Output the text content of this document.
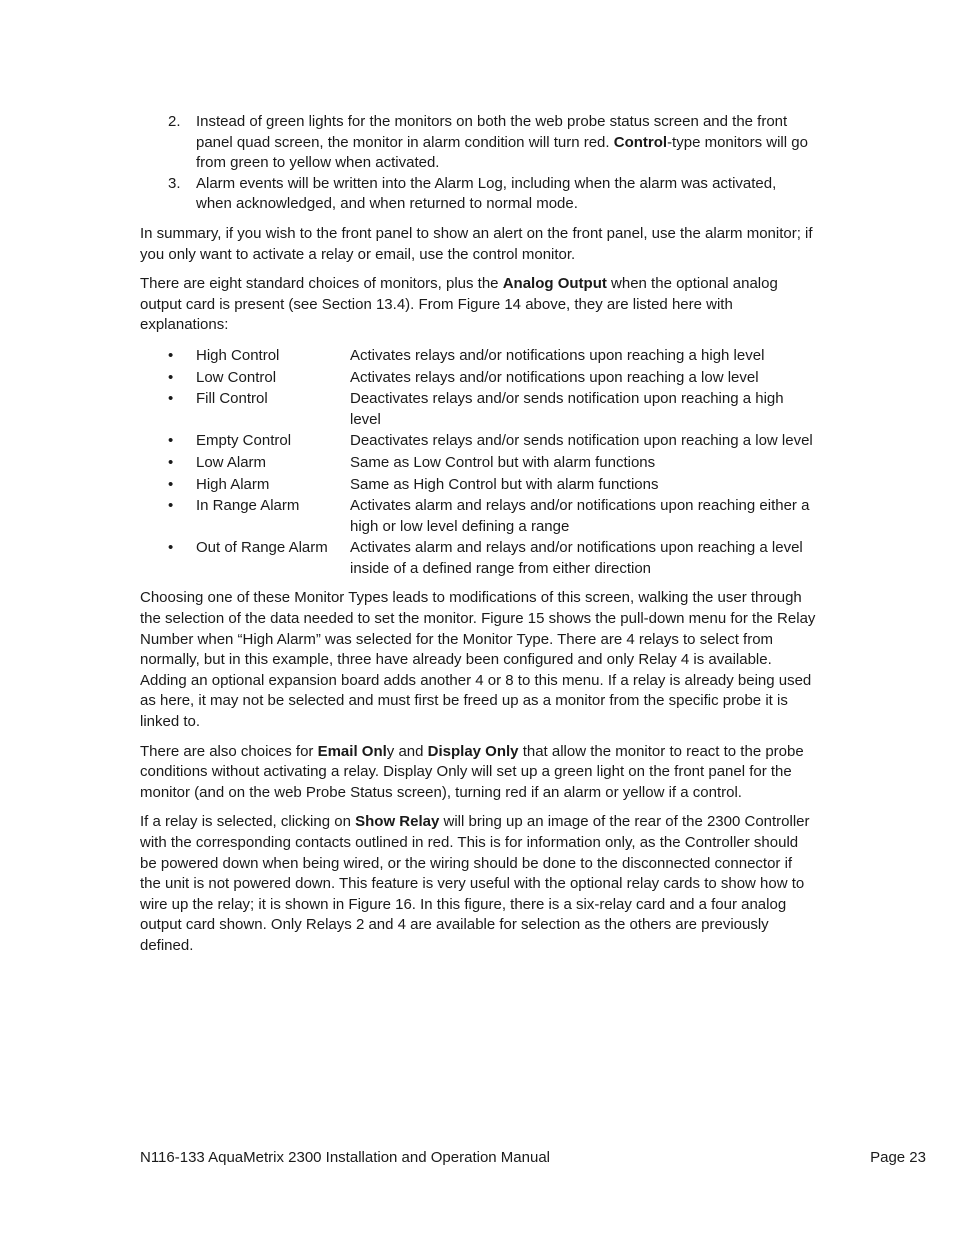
2. Instead of green lights for the monitors on both the web probe status screen and the front panel quad screen, the monitor in alarm condition will turn red. Control-type monitors will go from green to yellow when activated.
3. Alarm events will be written into the Alarm Log, including when the alarm was activated, when acknowledged, and when returned to normal mode.

In summary, if you wish to the front panel to show an alert on the front panel, use the alarm monitor; if you only want to activate a relay or email, use the control monitor.

There are eight standard choices of monitors, plus the Analog Output when the optional analog output card is present (see Section 13.4). From Figure 14 above, they are listed here with explanations:

• High Control	Activates relays and/or notifications upon reaching a high level
• Low Control	Activates relays and/or notifications upon reaching a low level
• Fill Control	Deactivates relays and/or sends notification upon reaching a high level
• Empty Control	Deactivates relays and/or sends notification upon reaching a low level
• Low Alarm	Same as Low Control but with alarm functions
• High Alarm	Same as High Control but with alarm functions
• In Range Alarm	Activates alarm and relays and/or notifications upon reaching either a high or low level defining a range
• Out of Range Alarm	Activates alarm and relays and/or notifications upon reaching a level inside of a defined range from either direction

Choosing one of these Monitor Types leads to modifications of this screen, walking the user through the selection of the data needed to set the monitor. Figure 15 shows the pull-down menu for the Relay Number when “High Alarm” was selected for the Monitor Type. There are 4 relays to select from normally, but in this example, three have already been configured and only Relay 4 is available. Adding an optional expansion board adds another 4 or 8 to this menu. If a relay is already being used as here, it may not be selected and must first be freed up as a monitor from the specific probe it is linked to.

There are also choices for Email Only and Display Only that allow the monitor to react to the probe conditions without activating a relay. Display Only will set up a green light on the front panel for the monitor (and on the web Probe Status screen), turning red if an alarm or yellow if a control.

If a relay is selected, clicking on Show Relay will bring up an image of the rear of the 2300 Controller with the corresponding contacts outlined in red. This is for information only, as the Controller should be powered down when being wired, or the wiring should be done to the disconnected connector if the unit is not powered down. This feature is very useful with the optional relay cards to show how to wire up the relay; it is shown in Figure 16. In this figure, there is a six-relay card and a four analog output card shown. Only Relays 2 and 4 are available for selection as the others are previously defined.

N116-133 AquaMetrix 2300 Installation and Operation Manual	Page 23
